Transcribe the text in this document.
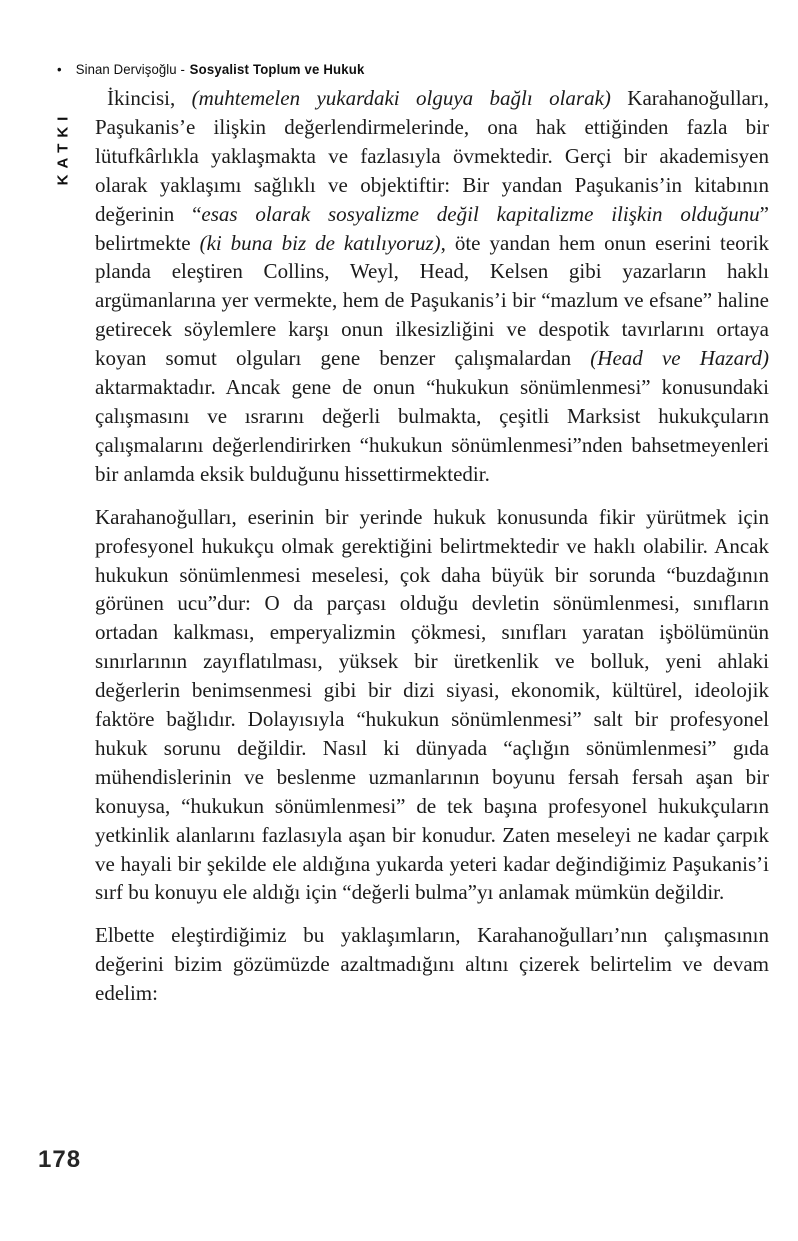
• Sinan Dervişoğlu - Sosyalist Toplum ve Hukuk
KATKI

İkincisi, (muhtemelen yukardaki olguya bağlı olarak) Karahanoğulları, Paşukanis’e ilişkin değerlendirmelerinde, ona hak ettiğinden fazla bir lütufkârlıkla yaklaşmakta ve fazlasıyla övmektedir. Gerçi bir akademisyen olarak yaklaşımı sağlıklı ve objektiftir: Bir yandan Paşukanis’in kitabının değerinin “esas olarak sosyalizme değil kapitalizme ilişkin olduğunu” belirtmekte (ki buna biz de katılıyoruz), öte yandan hem onun eserini teorik planda eleştiren Collins, Weyl, Head, Kelsen gibi yazarların haklı argümanlarına yer vermekte, hem de Paşukanis’i bir “mazlum ve efsane” haline getirecek söylemlere karşı onun ilkesizliğini ve despotik tavırlarını ortaya koyan somut olguları gene benzer çalışmalardan (Head ve Hazard) aktarmaktadır. Ancak gene de onun “hukukun sönümlenmesi” konusundaki çalışmasını ve ısrarını değerli bulmakta, çeşitli Marksist hukukçuların çalışmalarını değerlendirirken “hukukun sönümlenmesi”nden bahsetmeyenleri bir anlamda eksik bulduğunu hissettirmektedir.

Karahanoğulları, eserinin bir yerinde hukuk konusunda fikir yürütmek için profesyonel hukukçu olmak gerektiğini belirtmektedir ve haklı olabilir. Ancak hukukun sönümlenmesi meselesi, çok daha büyük bir sorunda “buzdağının görünen ucu”dur: O da parçası olduğu devletin sönümlenmesi, sınıfların ortadan kalkması, emperyalizmin çökmesi, sınıfları yaratan işbölümünün sınırlarının zayıflatılması, yüksek bir üretkenlik ve bolluk, yeni ahlaki değerlerin benimsenmesi gibi bir dizi siyasi, ekonomik, kültürel, ideolojik faktöre bağlıdır. Dolayısıyla “hukukun sönümlenmesi” salt bir profesyonel hukuk sorunu değildir. Nasıl ki dünyada “açlığın sönümlenmesi” gıda mühendislerinin ve beslenme uzmanlarının boyunu fersah fersah aşan bir konuysa, “hukukun sönümlenmesi” de tek başına profesyonel hukukçuların yetkinlik alanlarını fazlasıyla aşan bir konudur. Zaten meseleyi ne kadar çarpık ve hayali bir şekilde ele aldığına yukarda yeteri kadar değindiğimiz Paşukanis’i sırf bu konuyu ele aldığı için “değerli bulma”yı anlamak mümkün değildir.

Elbette eleştirdiğimiz bu yaklaşımların, Karahanoğulları’nın çalışmasının değerini bizim gözümüzde azaltmadığını altını çizerek belirtelim ve devam edelim:

178
